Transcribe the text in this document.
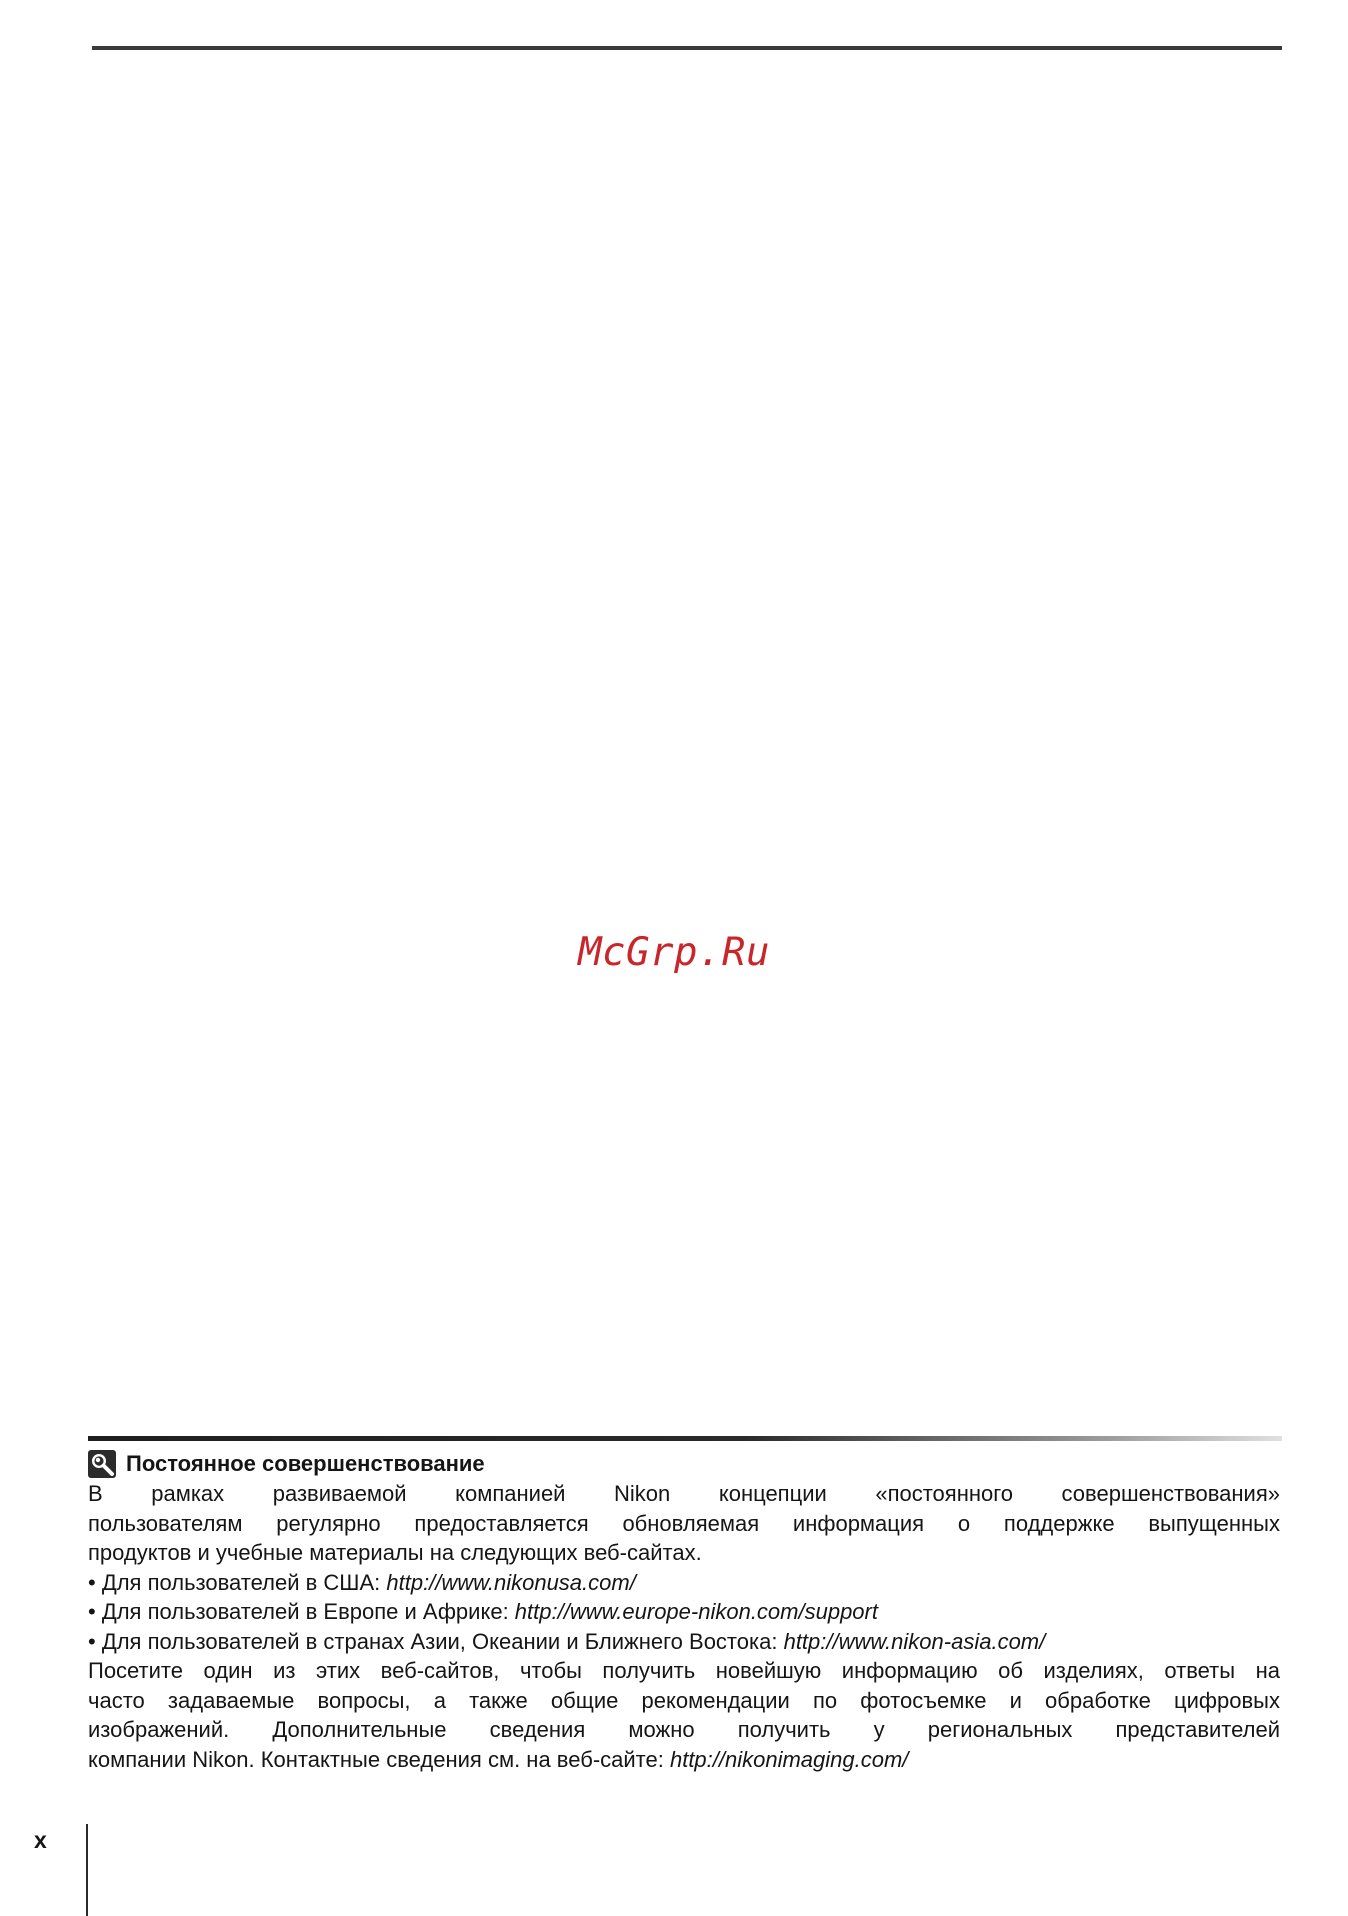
McGrp.Ru
Постоянное совершенствование
В рамках развиваемой компанией Nikon концепции «постоянного совершенствования»
пользователям регулярно предоставляется обновляемая информация о поддержке выпущенных
продуктов и учебные материалы на следующих веб-сайтах.
• Для пользователей в США: http://www.nikonusa.com/
• Для пользователей в Европе и Африке: http://www.europe-nikon.com/support
• Для пользователей в странах Азии, Океании и Ближнего Востока: http://www.nikon-asia.com/
Посетите один из этих веб-сайтов, чтобы получить новейшую информацию об изделиях, ответы на
часто задаваемые вопросы, а также общие рекомендации по фотосъемке и обработке цифровых
изображений. Дополнительные сведения можно получить у региональных представителей
компании Nikon. Контактные сведения см. на веб-сайте: http://nikonimaging.com/
x
